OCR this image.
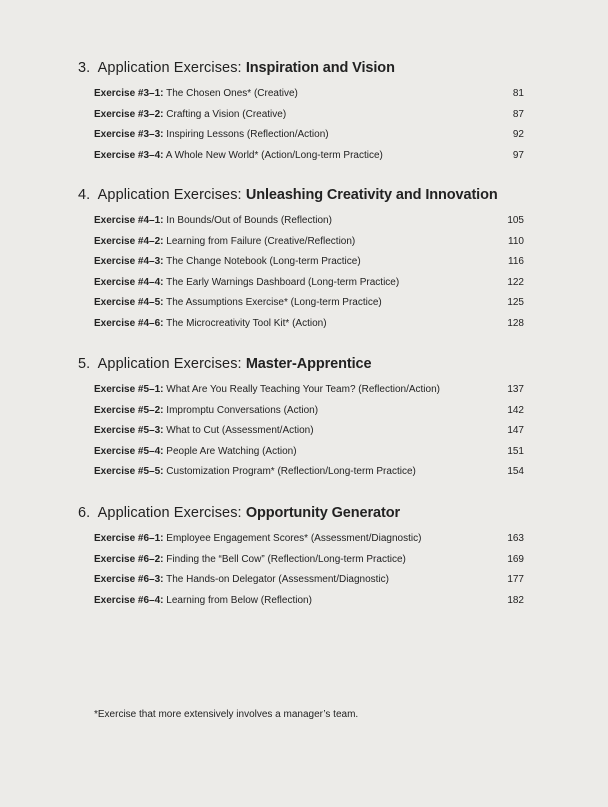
3. Application Exercises: Inspiration and Vision
Exercise #3–1: The Chosen Ones* (Creative)	81
Exercise #3–2: Crafting a Vision (Creative)	87
Exercise #3–3: Inspiring Lessons (Reflection/Action)	92
Exercise #3–4: A Whole New World* (Action/Long-term Practice)	97
4. Application Exercises: Unleashing Creativity and Innovation
Exercise #4–1: In Bounds/Out of Bounds (Reflection)	105
Exercise #4–2: Learning from Failure (Creative/Reflection)	110
Exercise #4–3: The Change Notebook (Long-term Practice)	116
Exercise #4–4: The Early Warnings Dashboard (Long-term Practice)	122
Exercise #4–5: The Assumptions Exercise* (Long-term Practice)	125
Exercise #4–6: The Microcreativity Tool Kit* (Action)	128
5. Application Exercises: Master-Apprentice
Exercise #5–1: What Are You Really Teaching Your Team? (Reflection/Action)	137
Exercise #5–2: Impromptu Conversations (Action)	142
Exercise #5–3: What to Cut (Assessment/Action)	147
Exercise #5–4: People Are Watching (Action)	151
Exercise #5–5: Customization Program* (Reflection/Long-term Practice)	154
6. Application Exercises: Opportunity Generator
Exercise #6–1: Employee Engagement Scores* (Assessment/Diagnostic)	163
Exercise #6–2: Finding the “Bell Cow” (Reflection/Long-term Practice)	169
Exercise #6–3: The Hands-on Delegator (Assessment/Diagnostic)	177
Exercise #6–4: Learning from Below (Reflection)	182
*Exercise that more extensively involves a manager’s team.
